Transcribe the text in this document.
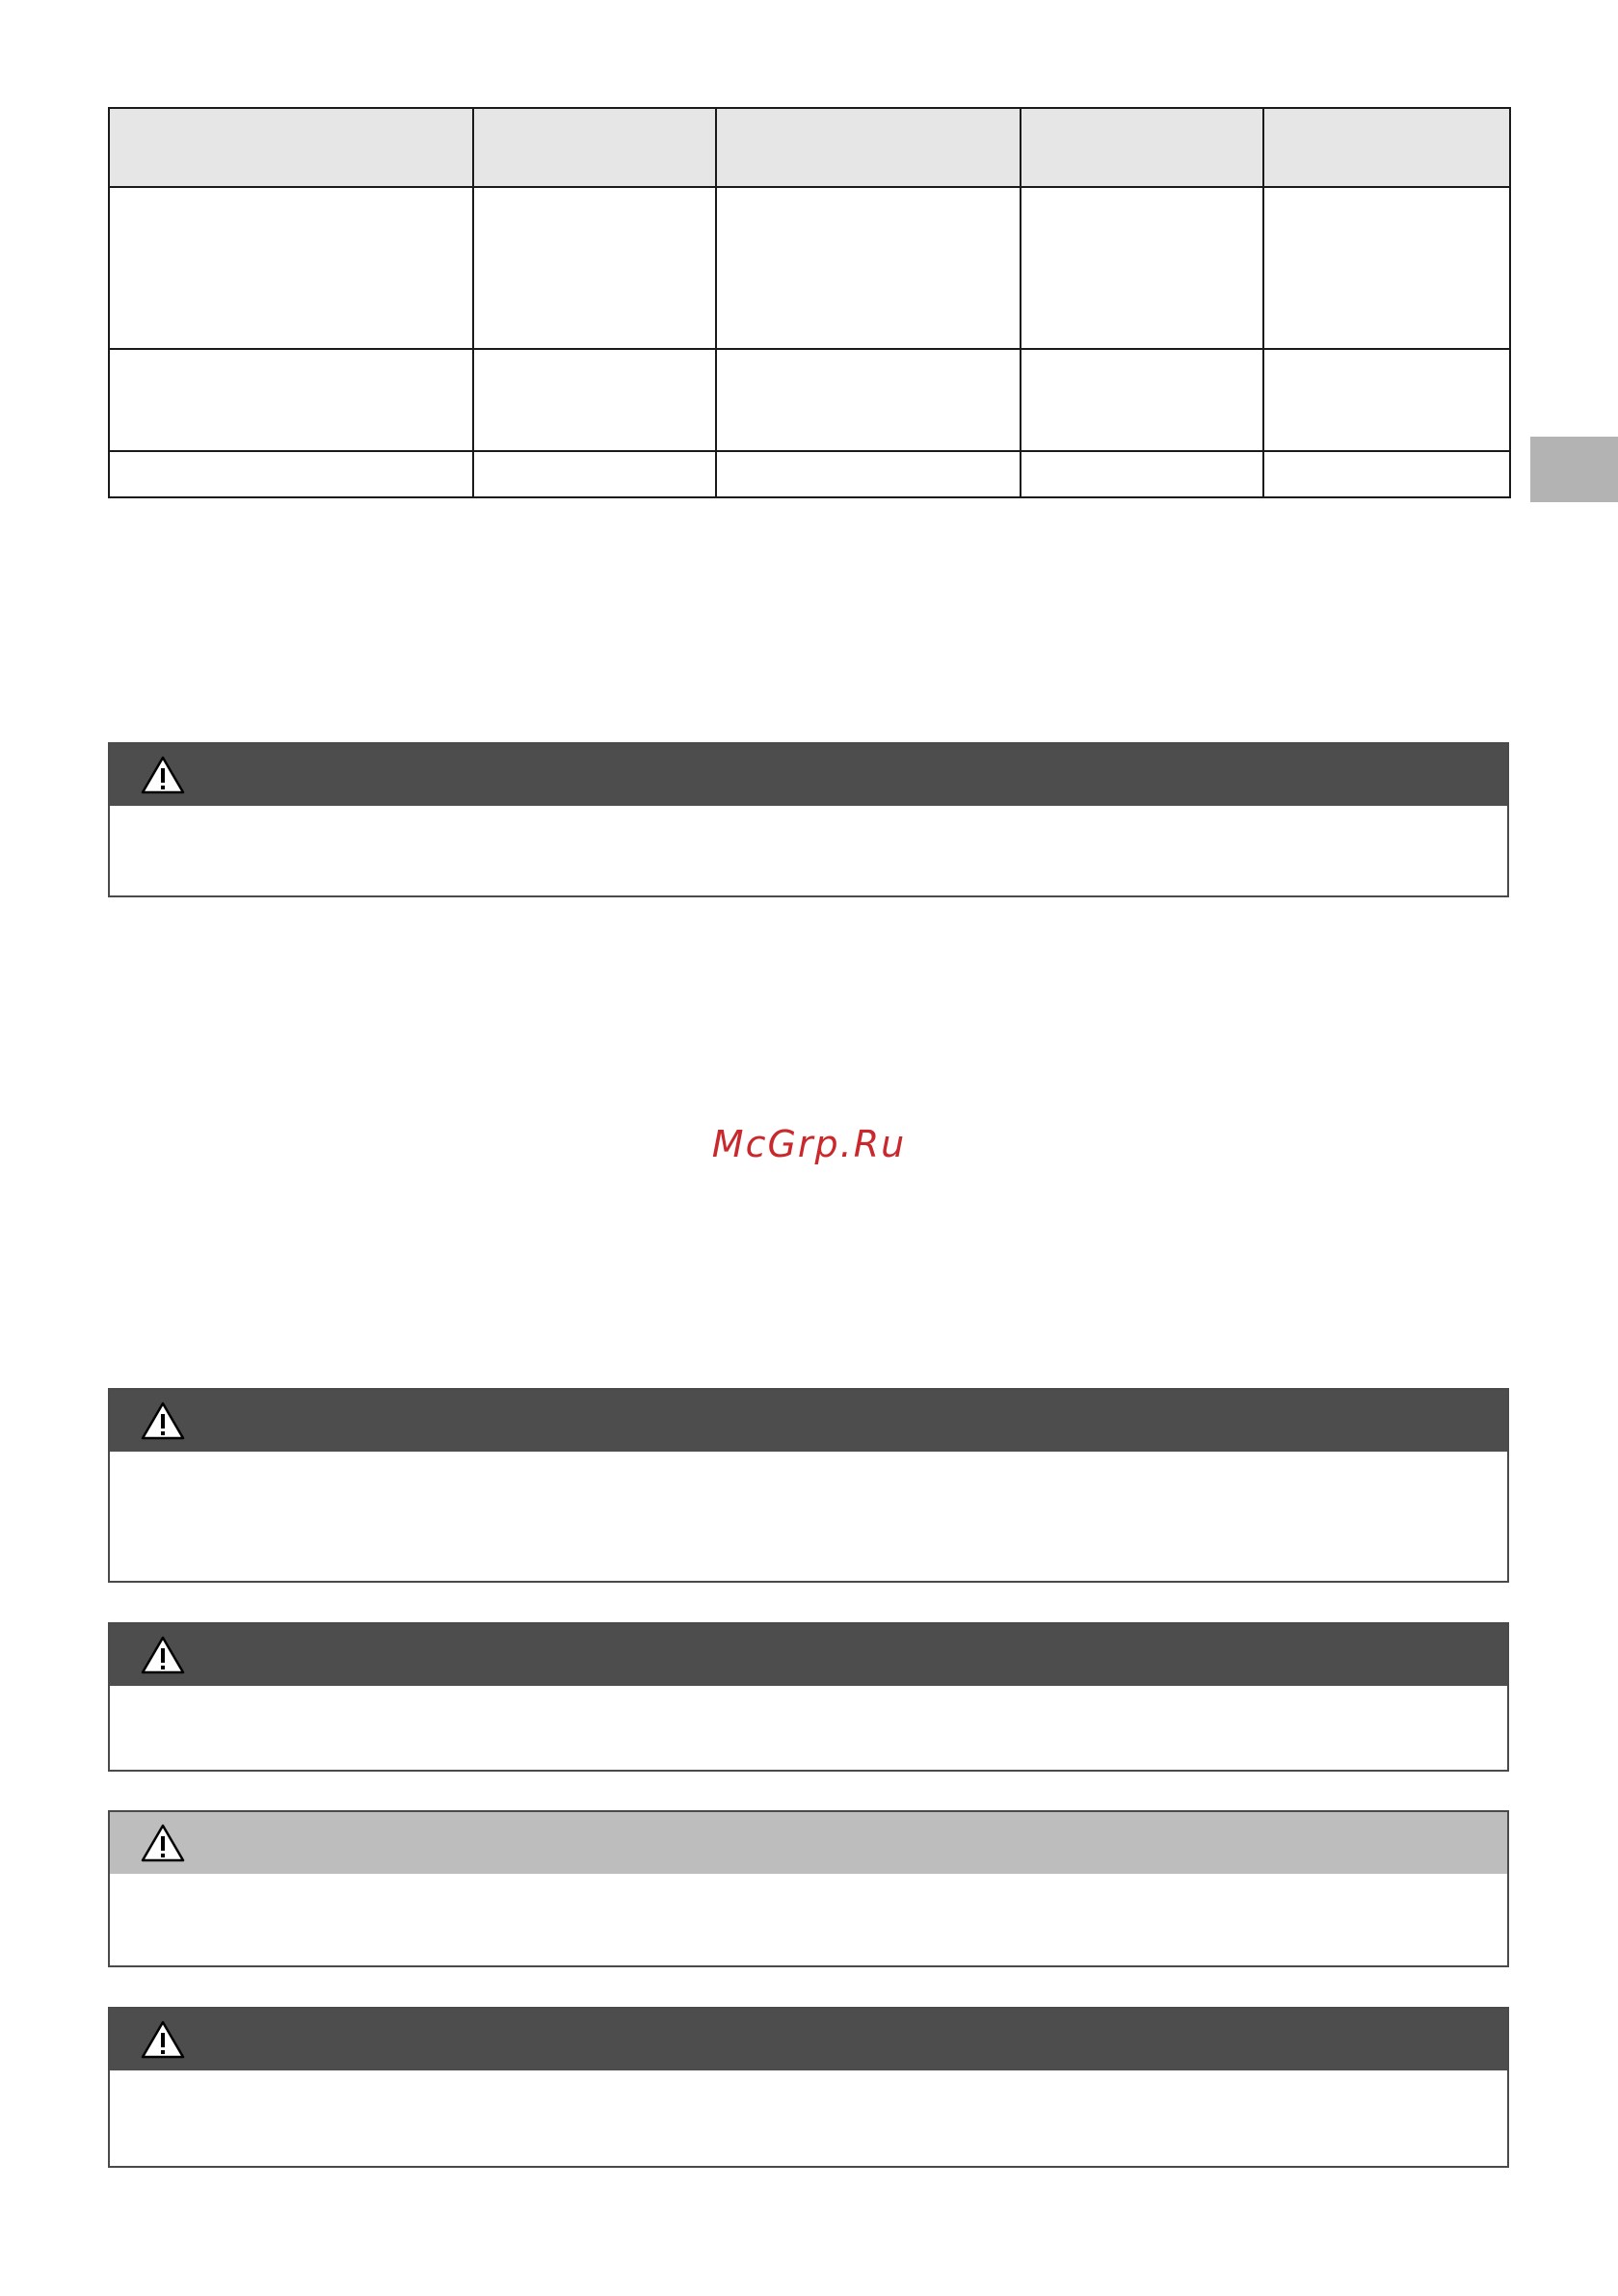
McGrp.Ru
